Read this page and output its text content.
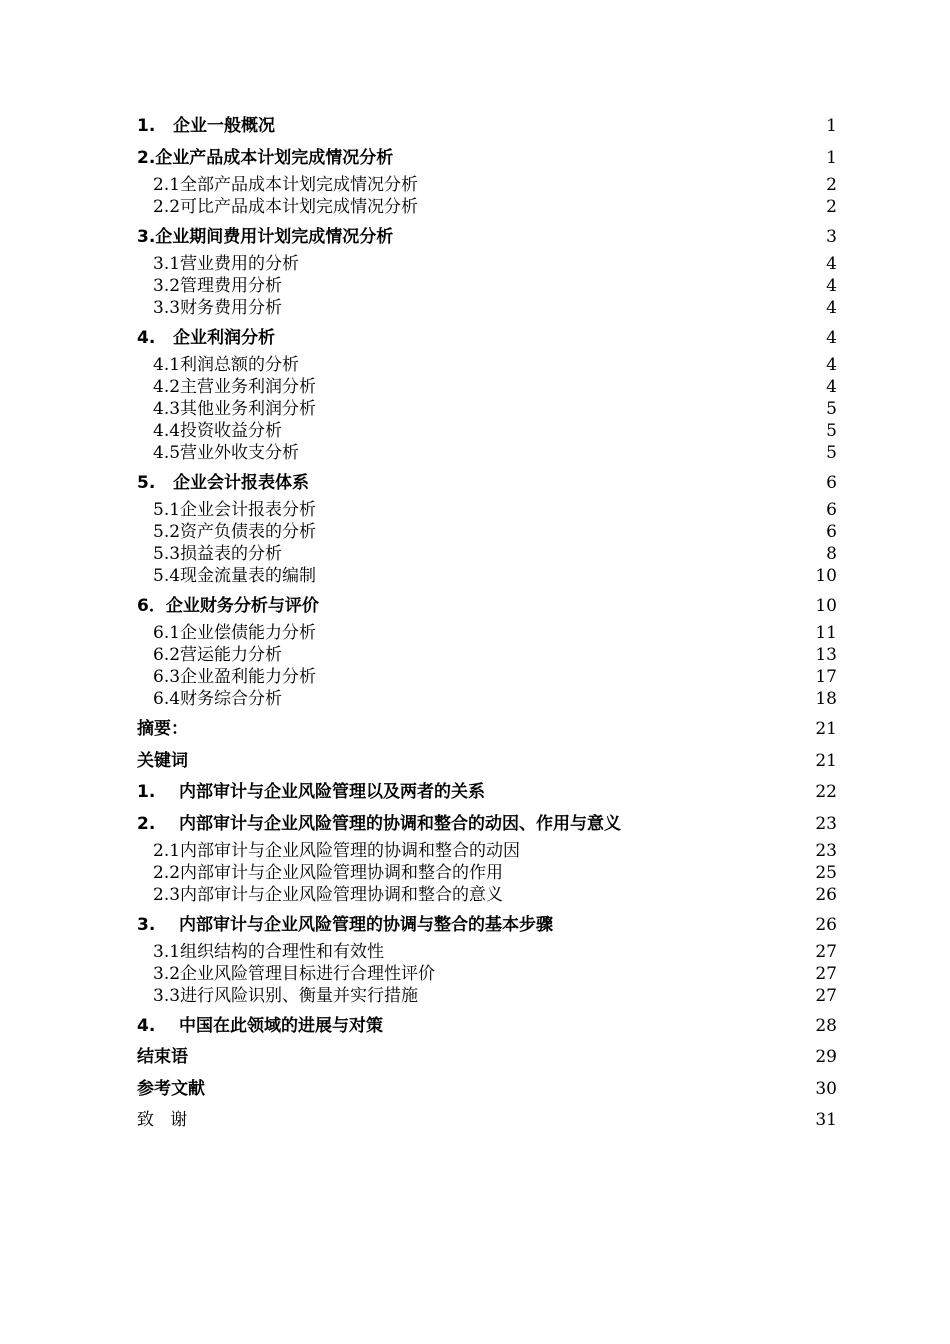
1.   企业一般概况	1
2.企业产品成本计划完成情况分析	1
2.1全部产品成本计划完成情况分析	2
2.2可比产品成本计划完成情况分析	2
3.企业期间费用计划完成情况分析	3
3.1营业费用的分析	4
3.2管理费用分析	4
3.3财务费用分析	4
4.   企业利润分析	4
4.1利润总额的分析	4
4.2主营业务利润分析	4
4.3其他业务利润分析	5
4.4投资收益分析	5
4.5营业外收支分析	5
5.   企业会计报表体系	6
5.1企业会计报表分析	6
5.2资产负债表的分析	6
5.3损益表的分析	8
5.4现金流量表的编制	10
6．企业财务分析与评价	10
6.1企业偿债能力分析	11
6.2营运能力分析	13
6.3企业盈利能力分析	17
6.4财务综合分析	18
摘要：	21
关键词	21
1.    内部审计与企业风险管理以及两者的关系	22
2.    内部审计与企业风险管理的协调和整合的动因、作用与意义	23
2.1内部审计与企业风险管理的协调和整合的动因	23
2.2内部审计与企业风险管理协调和整合的作用	25
2.3内部审计与企业风险管理协调和整合的意义	26
3.    内部审计与企业风险管理的协调与整合的基本步骤	26
3.1组织结构的合理性和有效性	27
3.2企业风险管理目标进行合理性评价	27
3.3进行风险识别、衡量并实行措施	27
4.    中国在此领域的进展与对策	28
结束语	29
参考文献	30
致   谢	31
